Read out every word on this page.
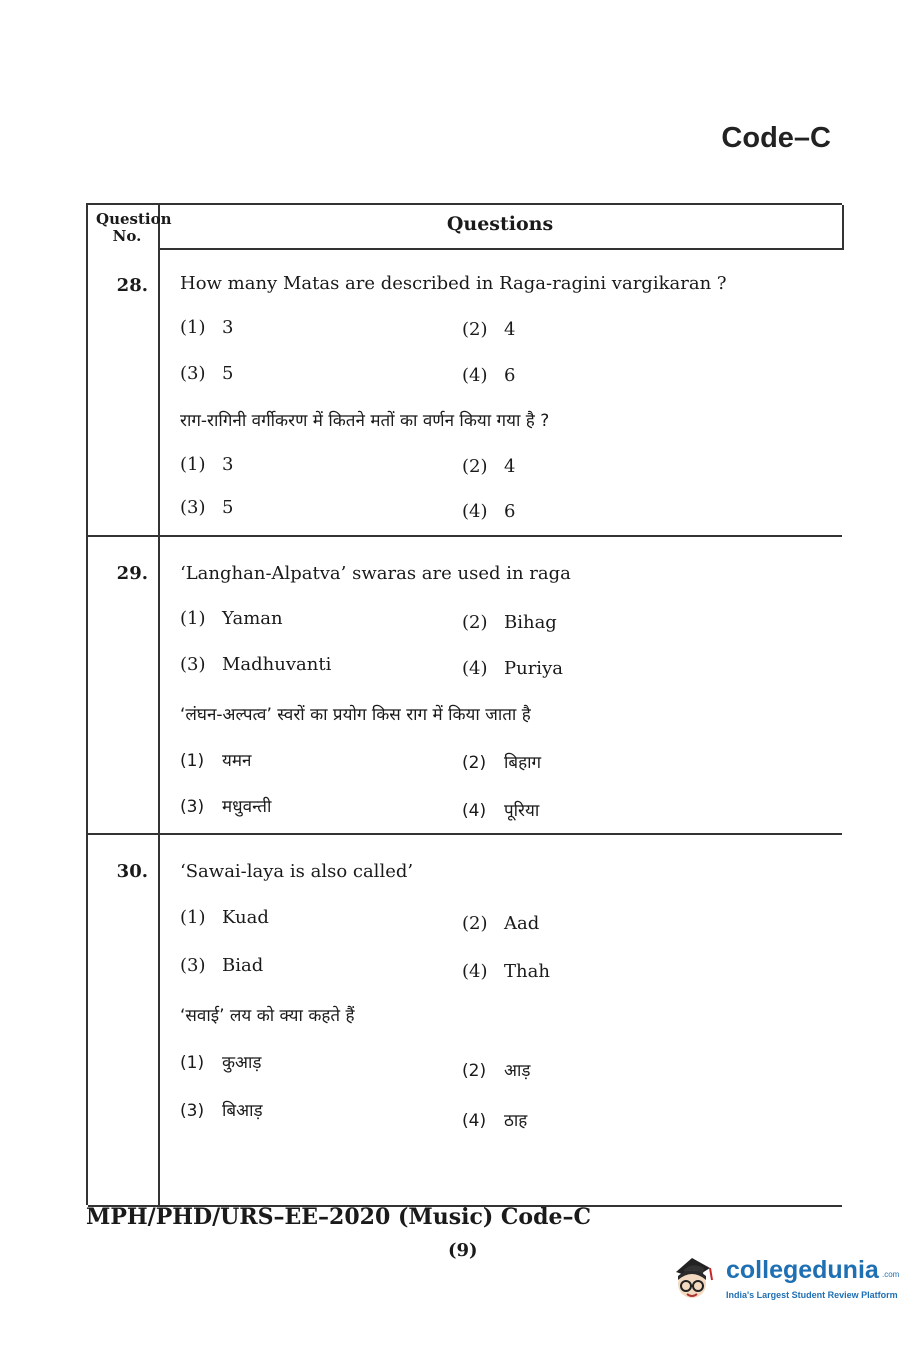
Code–C
Question No.
Questions
28. How many Matas are described in Raga-ragini vargikaran ?
(1) 3	(2) 4
(3) 5	(4) 6
राग-रागिनी वर्गीकरण में कितने मतों का वर्णन किया गया है ?
(1) 3	(2) 4
(3) 5	(4) 6
29. ‘Langhan-Alpatva’ swaras are used in raga
(1) Yaman	(2) Bihag
(3) Madhuvanti	(4) Puriya
‘लंघन-अल्पत्व’ स्वरों का प्रयोग किस राग में किया जाता है
(1) यमन	(2) बिहाग
(3) मधुवन्ती	(4) पूरिया
30. ‘Sawai-laya is also called’
(1) Kuad	(2) Aad
(3) Biad	(4) Thah
‘सवाई’ लय को क्या कहते हैं
(1) कुआड़	(2) आड़
(3) बिआड़	(4) ठाह
MPH/PHD/URS–EE–2020 (Music) Code–C
(9)
collegedunia .com
India's Largest Student Review Platform
